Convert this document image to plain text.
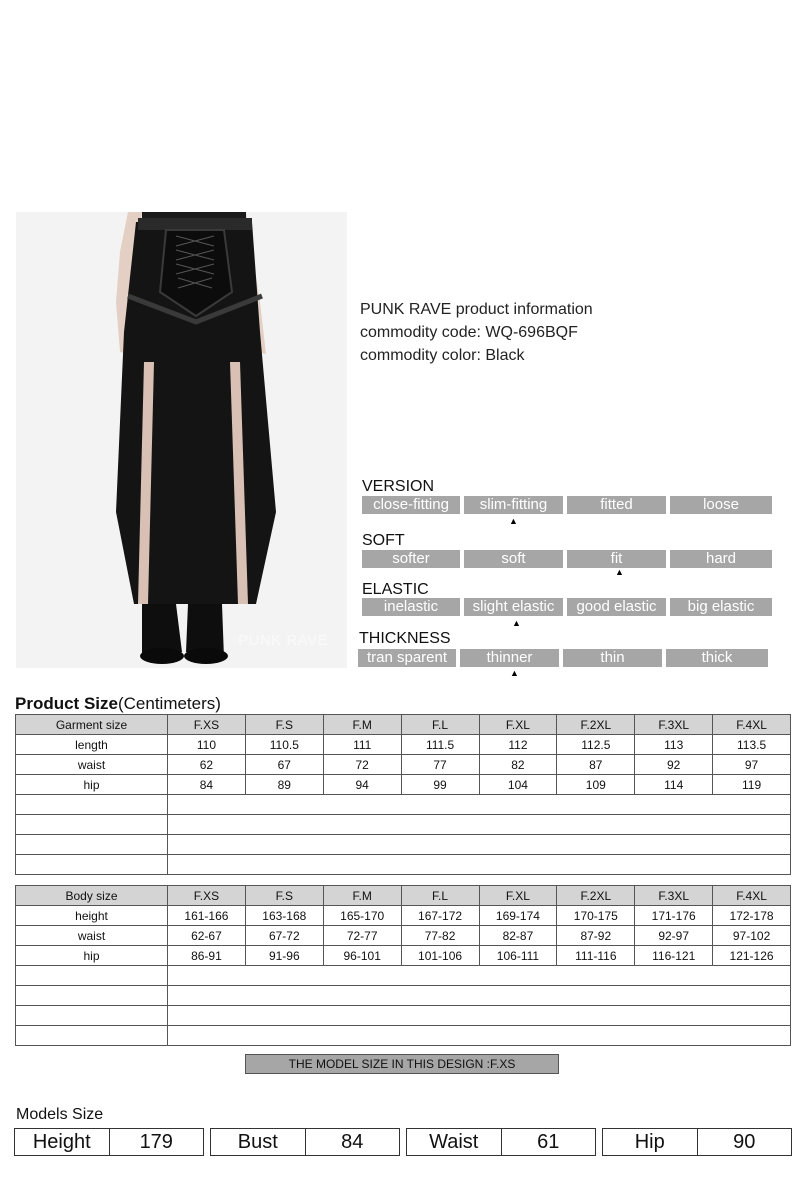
PUNK RAVE
PUNK RAVE product information
commodity code: WQ-696BQF
commodity color: Black
VERSION
close-fitting	slim-fitting	fitted	loose
▲
SOFT
softer	soft	fit	hard
▲
ELASTIC
inelastic	slight elastic	good elastic	big elastic
▲
THICKNESS
tran sparent	thinner	thin	thick
▲
Product Size(Centimeters)
Garment size	F.XS	F.S	F.M	F.L	F.XL	F.2XL	F.3XL	F.4XL
length	110	110.5	111	111.5	112	112.5	113	113.5
waist	62	67	72	77	82	87	92	97
hip	84	89	94	99	104	109	114	119

Body size	F.XS	F.S	F.M	F.L	F.XL	F.2XL	F.3XL	F.4XL
height	161-166	163-168	165-170	167-172	169-174	170-175	171-176	172-178
waist	62-67	67-72	72-77	77-82	82-87	87-92	92-97	97-102
hip	86-91	91-96	96-101	101-106	106-111	111-116	116-121	121-126

THE MODEL SIZE IN THIS DESIGN :F.XS
Models Size
Height	179		Bust	84		Waist	61		Hip	90
